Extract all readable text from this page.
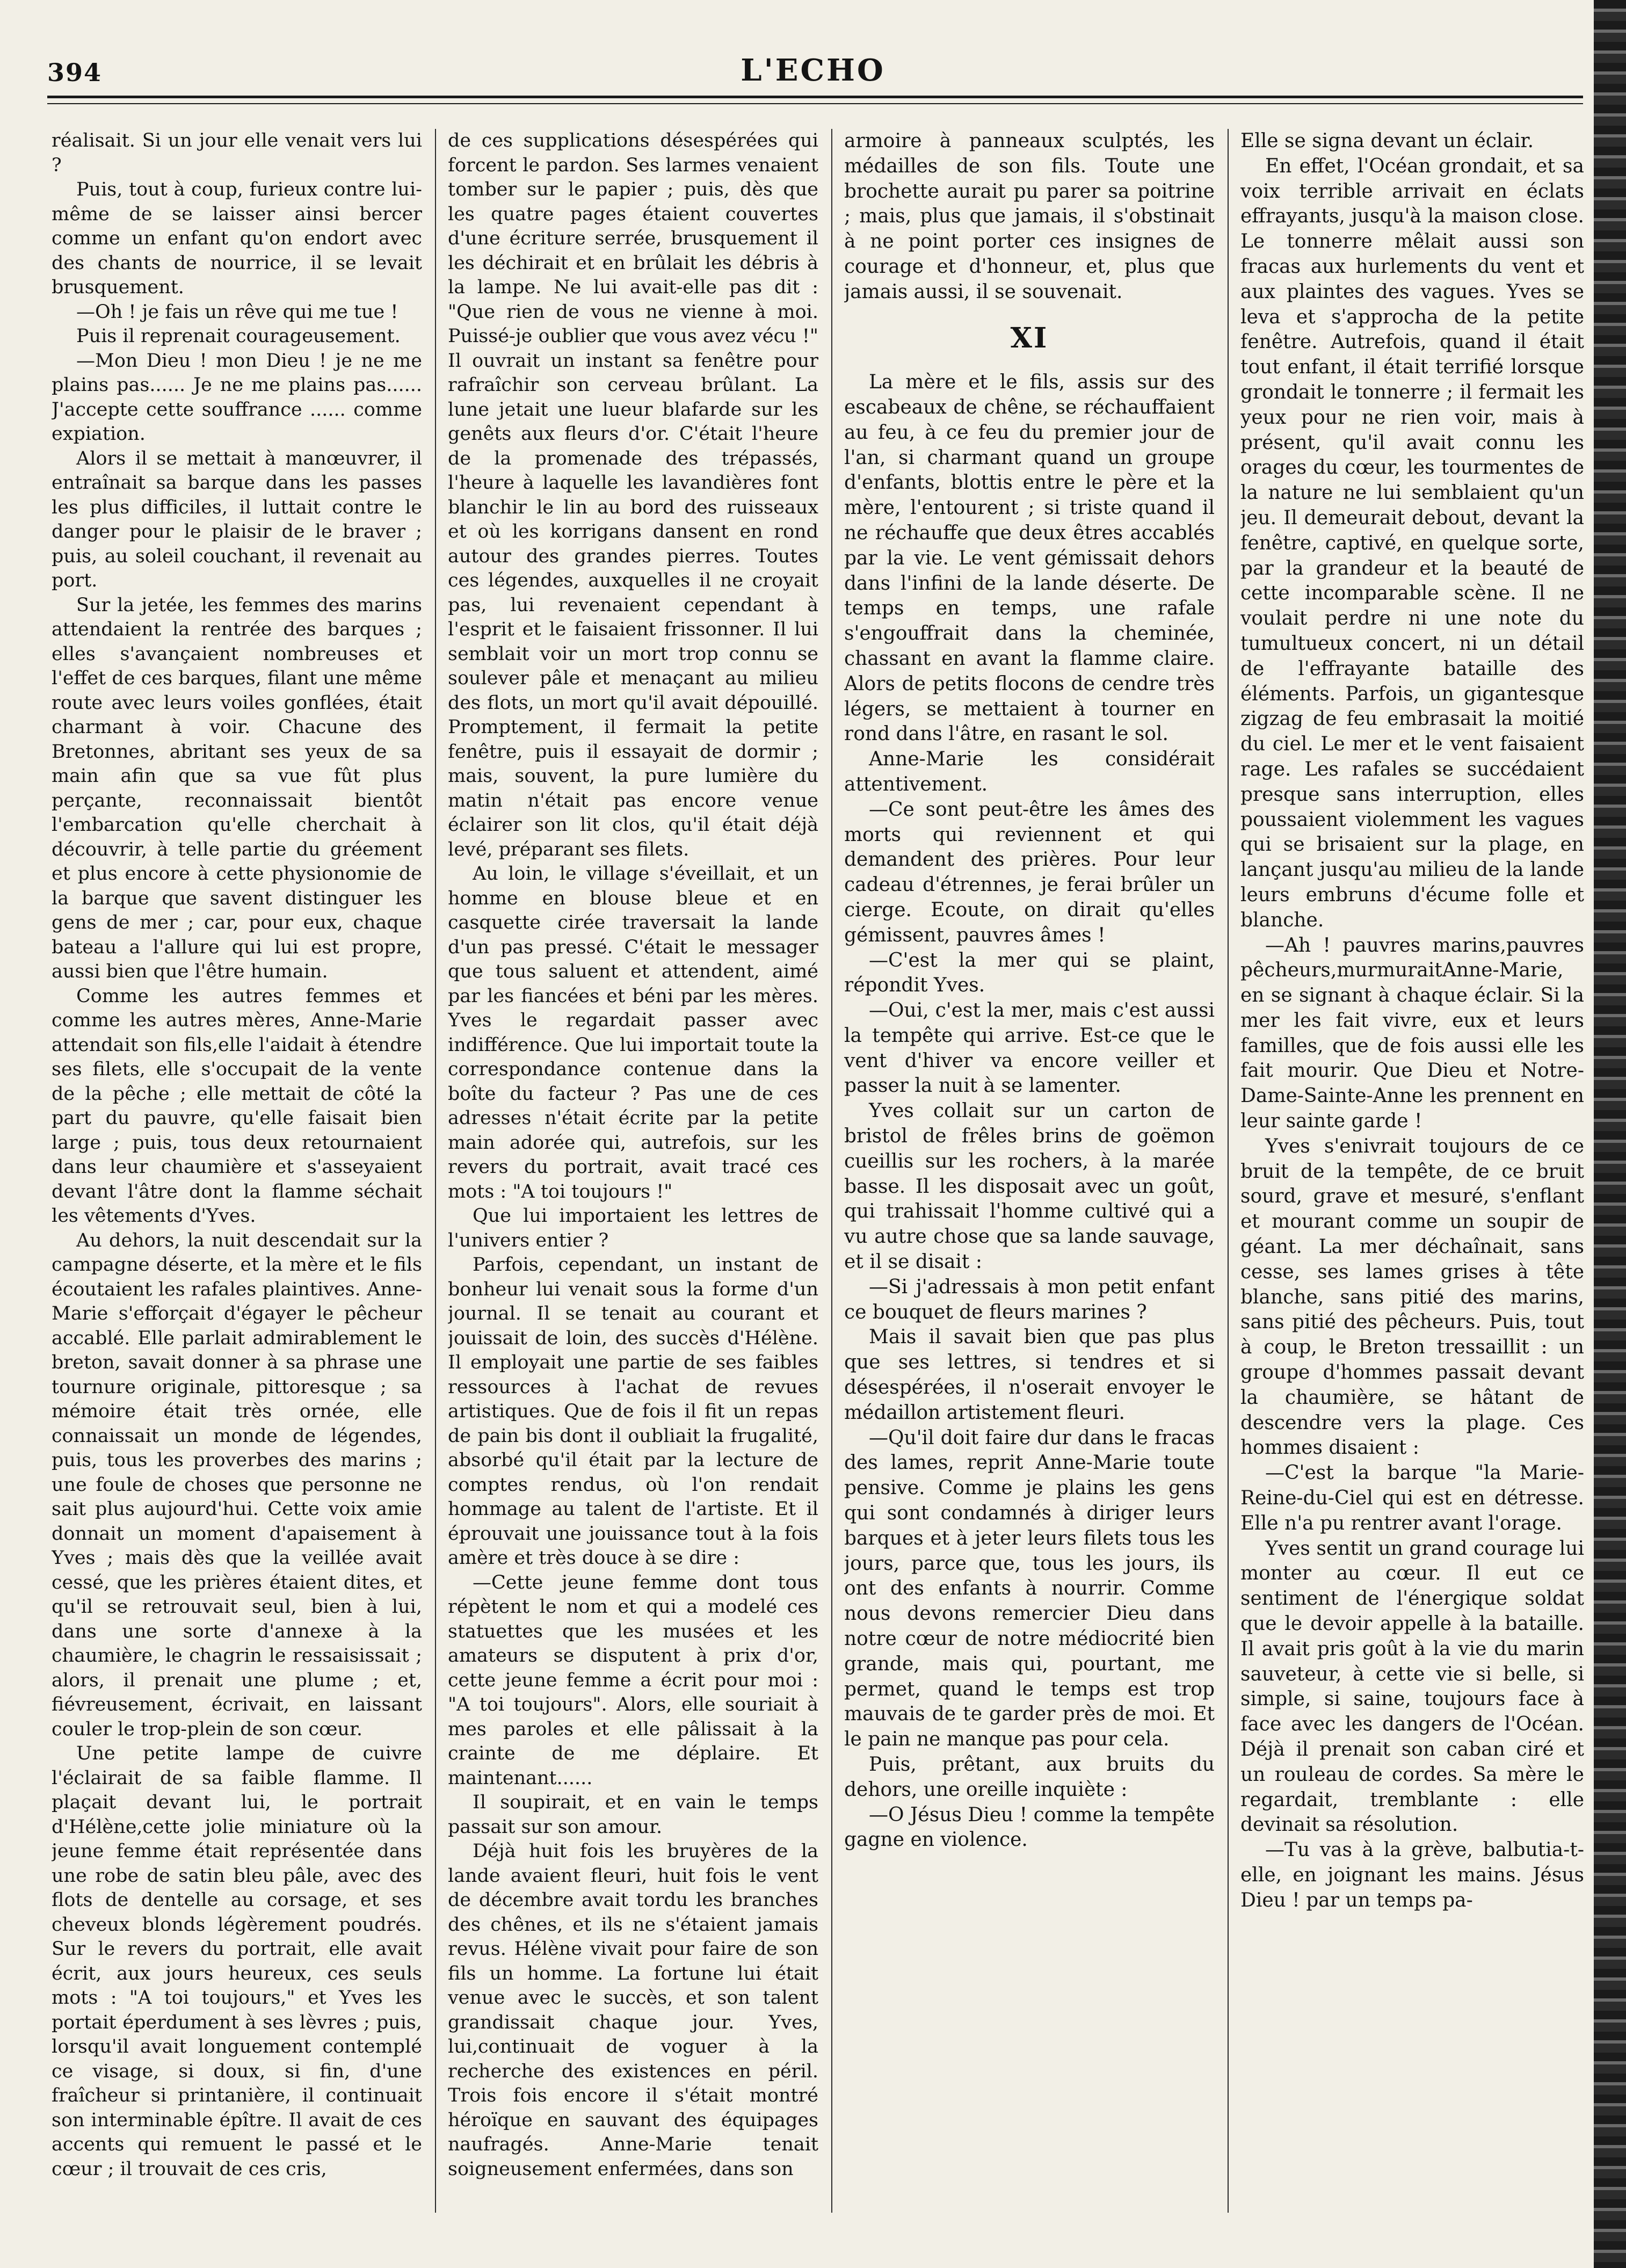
394	L'ECHO

réalisait. Si un jour elle venait vers lui ?

Puis, tout à coup, furieux contre lui-même de se laisser ainsi bercer comme un enfant qu'on endort avec des chants de nourrice, il se levait brusquement.

—Oh ! je fais un rêve qui me tue !

Puis il reprenait courageusement.

—Mon Dieu ! mon Dieu ! je ne me plains pas...... Je ne me plains pas...... J'accepte cette souffrance ...... comme expiation.

Alors il se mettait à manœuvrer, il entraînait sa barque dans les passes les plus difficiles, il luttait contre le danger pour le plaisir de le braver ; puis, au soleil couchant, il revenait au port.

Sur la jetée, les femmes des marins attendaient la rentrée des barques ; elles s'avançaient nombreuses et l'effet de ces barques, filant une même route avec leurs voiles gonflées, était charmant à voir. Chacune des Bretonnes, abritant ses yeux de sa main afin que sa vue fût plus perçante, reconnaissait bientôt l'embarcation qu'elle cherchait à découvrir, à telle partie du gréement et plus encore à cette physionomie de la barque que savent distinguer les gens de mer ; car, pour eux, chaque bateau a l'allure qui lui est propre, aussi bien que l'être humain.

Comme les autres femmes et comme les autres mères, Anne-Marie attendait son fils,elle l'aidait à étendre ses filets, elle s'occupait de la vente de la pêche ; elle mettait de côté la part du pauvre, qu'elle faisait bien large ; puis, tous deux retournaient dans leur chaumière et s'asseyaient devant l'âtre dont la flamme séchait les vêtements d'Yves.

Au dehors, la nuit descendait sur la campagne déserte, et la mère et le fils écoutaient les rafales plaintives. Anne-Marie s'efforçait d'égayer le pêcheur accablé. Elle parlait admirablement le breton, savait donner à sa phrase une tournure originale, pittoresque ; sa mémoire était très ornée, elle connaissait un monde de légendes, puis, tous les proverbes des marins ; une foule de choses que personne ne sait plus aujourd'hui. Cette voix amie donnait un moment d'apaisement à Yves ; mais dès que la veillée avait cessé, que les prières étaient dites, et qu'il se retrouvait seul, bien à lui, dans une sorte d'annexe à la chaumière, le chagrin le ressaisissait ; alors, il prenait une plume ; et, fiévreusement, écrivait, en laissant couler le trop-plein de son cœur.

Une petite lampe de cuivre l'éclairait de sa faible flamme. Il plaçait devant lui, le portrait d'Hélène,cette jolie miniature où la jeune femme était représentée dans une robe de satin bleu pâle, avec des flots de dentelle au corsage, et ses cheveux blonds légèrement poudrés. Sur le revers du portrait, elle avait écrit, aux jours heureux, ces seuls mots : "A toi toujours," et Yves les portait éperdument à ses lèvres ; puis, lorsqu'il avait longuement contemplé ce visage, si doux, si fin, d'une fraîcheur si printanière, il continuait son interminable épître. Il avait de ces accents qui remuent le passé et le cœur ; il trouvait de ces cris,

de ces supplications désespérées qui forcent le pardon. Ses larmes venaient tomber sur le papier ; puis, dès que les quatre pages étaient couvertes d'une écriture serrée, brusquement il les déchirait et en brûlait les débris à la lampe. Ne lui avait-elle pas dit : "Que rien de vous ne vienne à moi. Puissé-je oublier que vous avez vécu !" Il ouvrait un instant sa fenêtre pour rafraîchir son cerveau brûlant. La lune jetait une lueur blafarde sur les genêts aux fleurs d'or. C'était l'heure de la promenade des trépassés, l'heure à laquelle les lavandières font blanchir le lin au bord des ruisseaux et où les korrigans dansent en rond autour des grandes pierres. Toutes ces légendes, auxquelles il ne croyait pas, lui revenaient cependant à l'esprit et le faisaient frissonner. Il lui semblait voir un mort trop connu se soulever pâle et menaçant au milieu des flots, un mort qu'il avait dépouillé. Promptement, il fermait la petite fenêtre, puis il essayait de dormir ; mais, souvent, la pure lumière du matin n'était pas encore venue éclairer son lit clos, qu'il était déjà levé, préparant ses filets.

Au loin, le village s'éveillait, et un homme en blouse bleue et en casquette cirée traversait la lande d'un pas pressé. C'était le messager que tous saluent et attendent, aimé par les fiancées et béni par les mères. Yves le regardait passer avec indifférence. Que lui importait toute la correspondance contenue dans la boîte du facteur ? Pas une de ces adresses n'était écrite par la petite main adorée qui, autrefois, sur les revers du portrait, avait tracé ces mots : "A toi toujours !"

Que lui importaient les lettres de l'univers entier ?

Parfois, cependant, un instant de bonheur lui venait sous la forme d'un journal. Il se tenait au courant et jouissait de loin, des succès d'Hélène. Il employait une partie de ses faibles ressources à l'achat de revues artistiques. Que de fois il fit un repas de pain bis dont il oubliait la frugalité, absorbé qu'il était par la lecture de comptes rendus, où l'on rendait hommage au talent de l'artiste. Et il éprouvait une jouissance tout à la fois amère et très douce à se dire :

—Cette jeune femme dont tous répètent le nom et qui a modelé ces statuettes que les musées et les amateurs se disputent à prix d'or, cette jeune femme a écrit pour moi : "A toi toujours". Alors, elle souriait à mes paroles et elle pâlissait à la crainte de me déplaire. Et maintenant......

Il soupirait, et en vain le temps passait sur son amour.

Déjà huit fois les bruyères de la lande avaient fleuri, huit fois le vent de décembre avait tordu les branches des chênes, et ils ne s'étaient jamais revus. Hélène vivait pour faire de son fils un homme. La fortune lui était venue avec le succès, et son talent grandissait chaque jour. Yves, lui,continuait de voguer à la recherche des existences en péril. Trois fois encore il s'était montré héroïque en sauvant des équipages naufragés. Anne-Marie tenait soigneusement enfermées, dans son

armoire à panneaux sculptés, les médailles de son fils. Toute une brochette aurait pu parer sa poitrine ; mais, plus que jamais, il s'obstinait à ne point porter ces insignes de courage et d'honneur, et, plus que jamais aussi, il se souvenait.

XI

La mère et le fils, assis sur des escabeaux de chêne, se réchauffaient au feu, à ce feu du premier jour de l'an, si charmant quand un groupe d'enfants, blottis entre le père et la mère, l'entourent ; si triste quand il ne réchauffe que deux êtres accablés par la vie. Le vent gémissait dehors dans l'infini de la lande déserte. De temps en temps, une rafale s'engouffrait dans la cheminée, chassant en avant la flamme claire. Alors de petits flocons de cendre très légers, se mettaient à tourner en rond dans l'âtre, en rasant le sol.

Anne-Marie les considérait attentivement.

—Ce sont peut-être les âmes des morts qui reviennent et qui demandent des prières. Pour leur cadeau d'étrennes, je ferai brûler un cierge. Ecoute, on dirait qu'elles gémissent, pauvres âmes !

—C'est la mer qui se plaint, répondit Yves.

—Oui, c'est la mer, mais c'est aussi la tempête qui arrive. Est-ce que le vent d'hiver va encore veiller et passer la nuit à se lamenter.

Yves collait sur un carton de bristol de frêles brins de goëmon cueillis sur les rochers, à la marée basse. Il les disposait avec un goût, qui trahissait l'homme cultivé qui a vu autre chose que sa lande sauvage, et il se disait :

—Si j'adressais à mon petit enfant ce bouquet de fleurs marines ?

Mais il savait bien que pas plus que ses lettres, si tendres et si désespérées, il n'oserait envoyer le médaillon artistement fleuri.

—Qu'il doit faire dur dans le fracas des lames, reprit Anne-Marie toute pensive. Comme je plains les gens qui sont condamnés à diriger leurs barques et à jeter leurs filets tous les jours, parce que, tous les jours, ils ont des enfants à nourrir. Comme nous devons remercier Dieu dans notre cœur de notre médiocrité bien grande, mais qui, pourtant, me permet, quand le temps est trop mauvais de te garder près de moi. Et le pain ne manque pas pour cela.

Puis, prêtant, aux bruits du dehors, une oreille inquiète :

—O Jésus Dieu ! comme la tempête gagne en violence.

Elle se signa devant un éclair.

En effet, l'Océan grondait, et sa voix terrible arrivait en éclats effrayants, jusqu'à la maison close. Le tonnerre mêlait aussi son fracas aux hurlements du vent et aux plaintes des vagues. Yves se leva et s'approcha de la petite fenêtre. Autrefois, quand il était tout enfant, il était terrifié lorsque grondait le tonnerre ; il fermait les yeux pour ne rien voir, mais à présent, qu'il avait connu les orages du cœur, les tourmentes de la nature ne lui semblaient qu'un jeu. Il demeurait debout, devant la fenêtre, captivé, en quelque sorte, par la grandeur et la beauté de cette incomparable scène. Il ne voulait perdre ni une note du tumultueux concert, ni un détail de l'effrayante bataille des éléments. Parfois, un gigantesque zigzag de feu embrasait la moitié du ciel. Le mer et le vent faisaient rage. Les rafales se succédaient presque sans interruption, elles poussaient violemment les vagues qui se brisaient sur la plage, en lançant jusqu'au milieu de la lande leurs embruns d'écume folle et blanche.

—Ah ! pauvres marins,pauvres pêcheurs,murmuraitAnne-Marie, en se signant à chaque éclair. Si la mer les fait vivre, eux et leurs familles, que de fois aussi elle les fait mourir. Que Dieu et Notre-Dame-Sainte-Anne les prennent en leur sainte garde !

Yves s'enivrait toujours de ce bruit de la tempête, de ce bruit sourd, grave et mesuré, s'enflant et mourant comme un soupir de géant. La mer déchaînait, sans cesse, ses lames grises à tête blanche, sans pitié des marins, sans pitié des pêcheurs. Puis, tout à coup, le Breton tressaillit : un groupe d'hommes passait devant la chaumière, se hâtant de descendre vers la plage. Ces hommes disaient :

—C'est la barque "la Marie-Reine-du-Ciel qui est en détresse. Elle n'a pu rentrer avant l'orage.

Yves sentit un grand courage lui monter au cœur. Il eut ce sentiment de l'énergique soldat que le devoir appelle à la bataille. Il avait pris goût à la vie du marin sauveteur, à cette vie si belle, si simple, si saine, toujours face à face avec les dangers de l'Océan. Déjà il prenait son caban ciré et un rouleau de cordes. Sa mère le regardait, tremblante : elle devinait sa résolution.

—Tu vas à la grève, balbutia-t-elle, en joignant les mains. Jésus Dieu ! par un temps pa-
